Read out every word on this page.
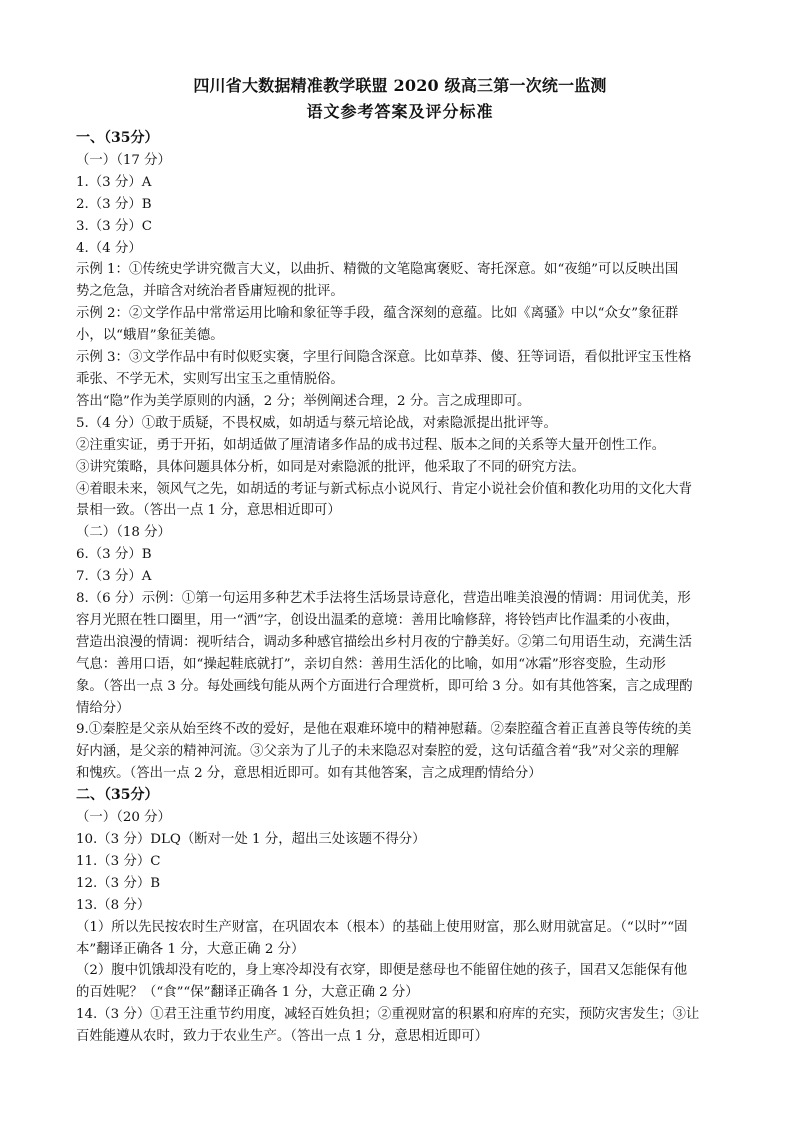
四川省大数据精准教学联盟 2020 级高三第一次统一监测
语文参考答案及评分标准

一、（35分）

（一）（17 分）

1.（3 分）A

2.（3 分）B

3.（3 分）C

4.（4 分）

示例 1：①传统史学讲究微言大义，以曲折、精微的文笔隐寓褒贬、寄托深意。如“夜缒”可以反映出国

势之危急，并暗含对统治者昏庸短视的批评。

示例 2：②文学作品中常常运用比喻和象征等手段，蕴含深刻的意蕴。比如《离骚》中以“众女”象征群

小，以“蛾眉”象征美德。

示例 3：③文学作品中有时似贬实褒，字里行间隐含深意。比如草莽、傻、狂等词语，看似批评宝玉性格

乖张、不学无术，实则写出宝玉之重情脱俗。

答出“隐”作为美学原则的内涵，2 分；举例阐述合理，2 分。言之成理即可。

5.（4 分）①敢于质疑，不畏权威，如胡适与蔡元培论战，对索隐派提出批评等。

②注重实证，勇于开拓，如胡适做了厘清诸多作品的成书过程、版本之间的关系等大量开创性工作。

③讲究策略，具体问题具体分析，如同是对索隐派的批评，他采取了不同的研究方法。

④着眼未来，领风气之先，如胡适的考证与新式标点小说风行、肯定小说社会价值和教化功用的文化大背

景相一致。（答出一点 1 分，意思相近即可）

（二）（18 分）

6.（3 分）B

7.（3 分）A

8.（6 分）示例：①第一句运用多种艺术手法将生活场景诗意化，营造出唯美浪漫的情调：用词优美，形

容月光照在牲口圈里，用一“洒”字，创设出温柔的意境：善用比喻修辞，将铃铛声比作温柔的小夜曲，

营造出浪漫的情调：视听结合，调动多种感官描绘出乡村月夜的宁静美好。②第二句用语生动，充满生活

气息：善用口语，如“操起鞋底就打”，亲切自然：善用生活化的比喻，如用“冰霜”形容变脸，生动形

象。（答出一点 3 分。每处画线句能从两个方面进行合理赏析，即可给 3 分。如有其他答案，言之成理酌

情给分）

9.①秦腔是父亲从始至终不改的爱好，是他在艰难环境中的精神慰藉。②秦腔蕴含着正直善良等传统的美

好内涵，是父亲的精神河流。③父亲为了儿子的未来隐忍对秦腔的爱，这句话蕴含着“我”对父亲的理解

和愧疚。（答出一点 2 分，意思相近即可。如有其他答案，言之成理酌情给分）

二、（35分）

（一）（20 分）

10.（3 分）DLQ（断对一处 1 分，超出三处该题不得分）

11.（3 分）C

12.（3 分）B

13.（8 分）

（1）所以先民按农时生产财富，在巩固农本（根本）的基础上使用财富，那么财用就富足。（“以时”“固

本”翻译正确各 1 分，大意正确 2 分）

（2）腹中饥饿却没有吃的，身上寒冷却没有衣穿，即便是慈母也不能留住她的孩子，国君又怎能保有他

的百姓呢？（“食”“保”翻译正确各 1 分，大意正确 2 分）

14.（3 分）①君王注重节约用度，减轻百姓负担；②重视财富的积累和府库的充实，预防灾害发生；③让

百姓能遵从农时，致力于农业生产。（答出一点 1 分，意思相近即可）
